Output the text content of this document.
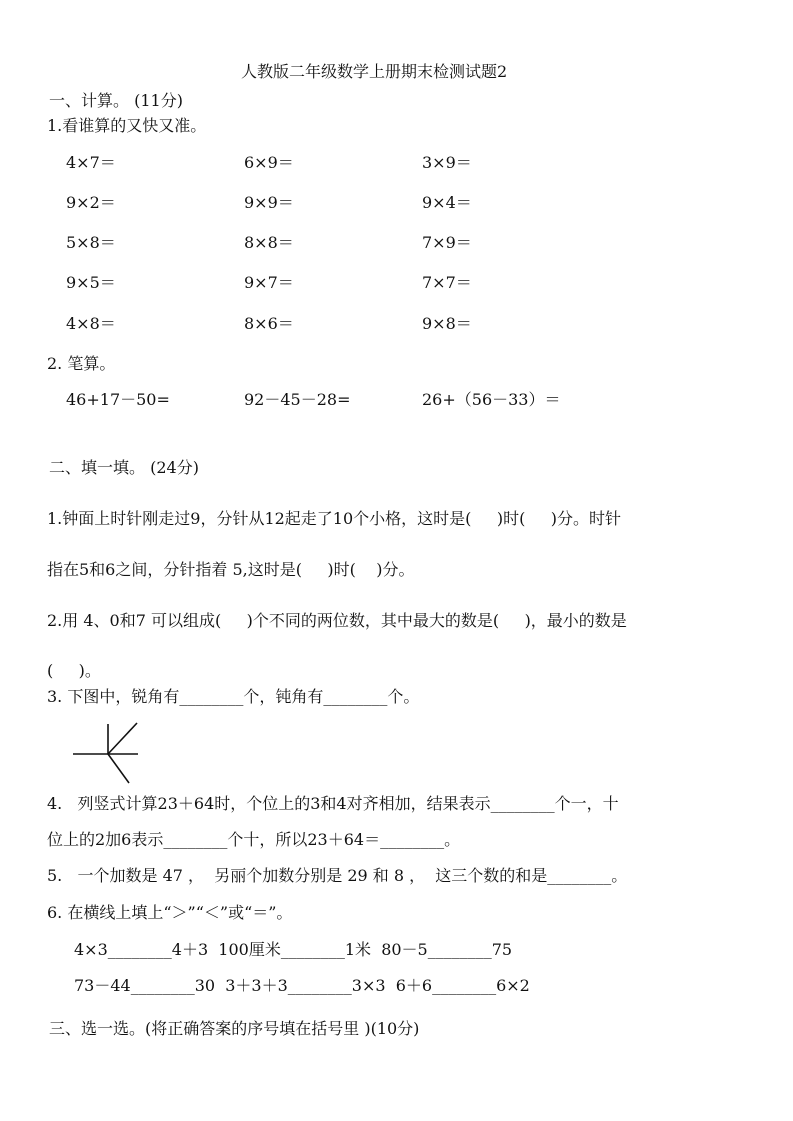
人教版二年级数学上册期末检测试题2
一、计算。 (11分)
1.看谁算的又快又准。
4×7＝	6×9＝	3×9＝
9×2＝	9×9＝	9×4＝
5×8＝	8×8＝	7×9＝
9×5＝	9×7＝	7×7＝
4×8＝	8×6＝	9×8＝
2. 笔算。
46+17－50=	92－45－28=	26+（56－33）＝
二、填一填。 (24分)
1.钟面上时针刚走过9，分针从12起走了10个小格，这时是(     )时(     )分。时针
指在5和6之间，分针指着 5,这时是(     )时(    )分。
2.用 4、0和7 可以组成(     )个不同的两位数，其中最大的数是(     )，最小的数是
(     )。
3. 下图中，锐角有________个，钝角有________个。
4.   列竖式计算23＋64时，个位上的3和4对齐相加，结果表示________个一，十
位上的2加6表示________个十，所以23＋64＝________。
5.   一个加数是 47 ，  另丽个加数分别是 29 和 8 ，  这三个数的和是________。
6. 在横线上填上“＞”“＜”或“＝”。
4×3________4＋3  100厘米________1米  80－5________75
73－44________30  3＋3＋3________3×3  6＋6________6×2
三、选一选。(将正确答案的序号填在括号里 )(10分)
